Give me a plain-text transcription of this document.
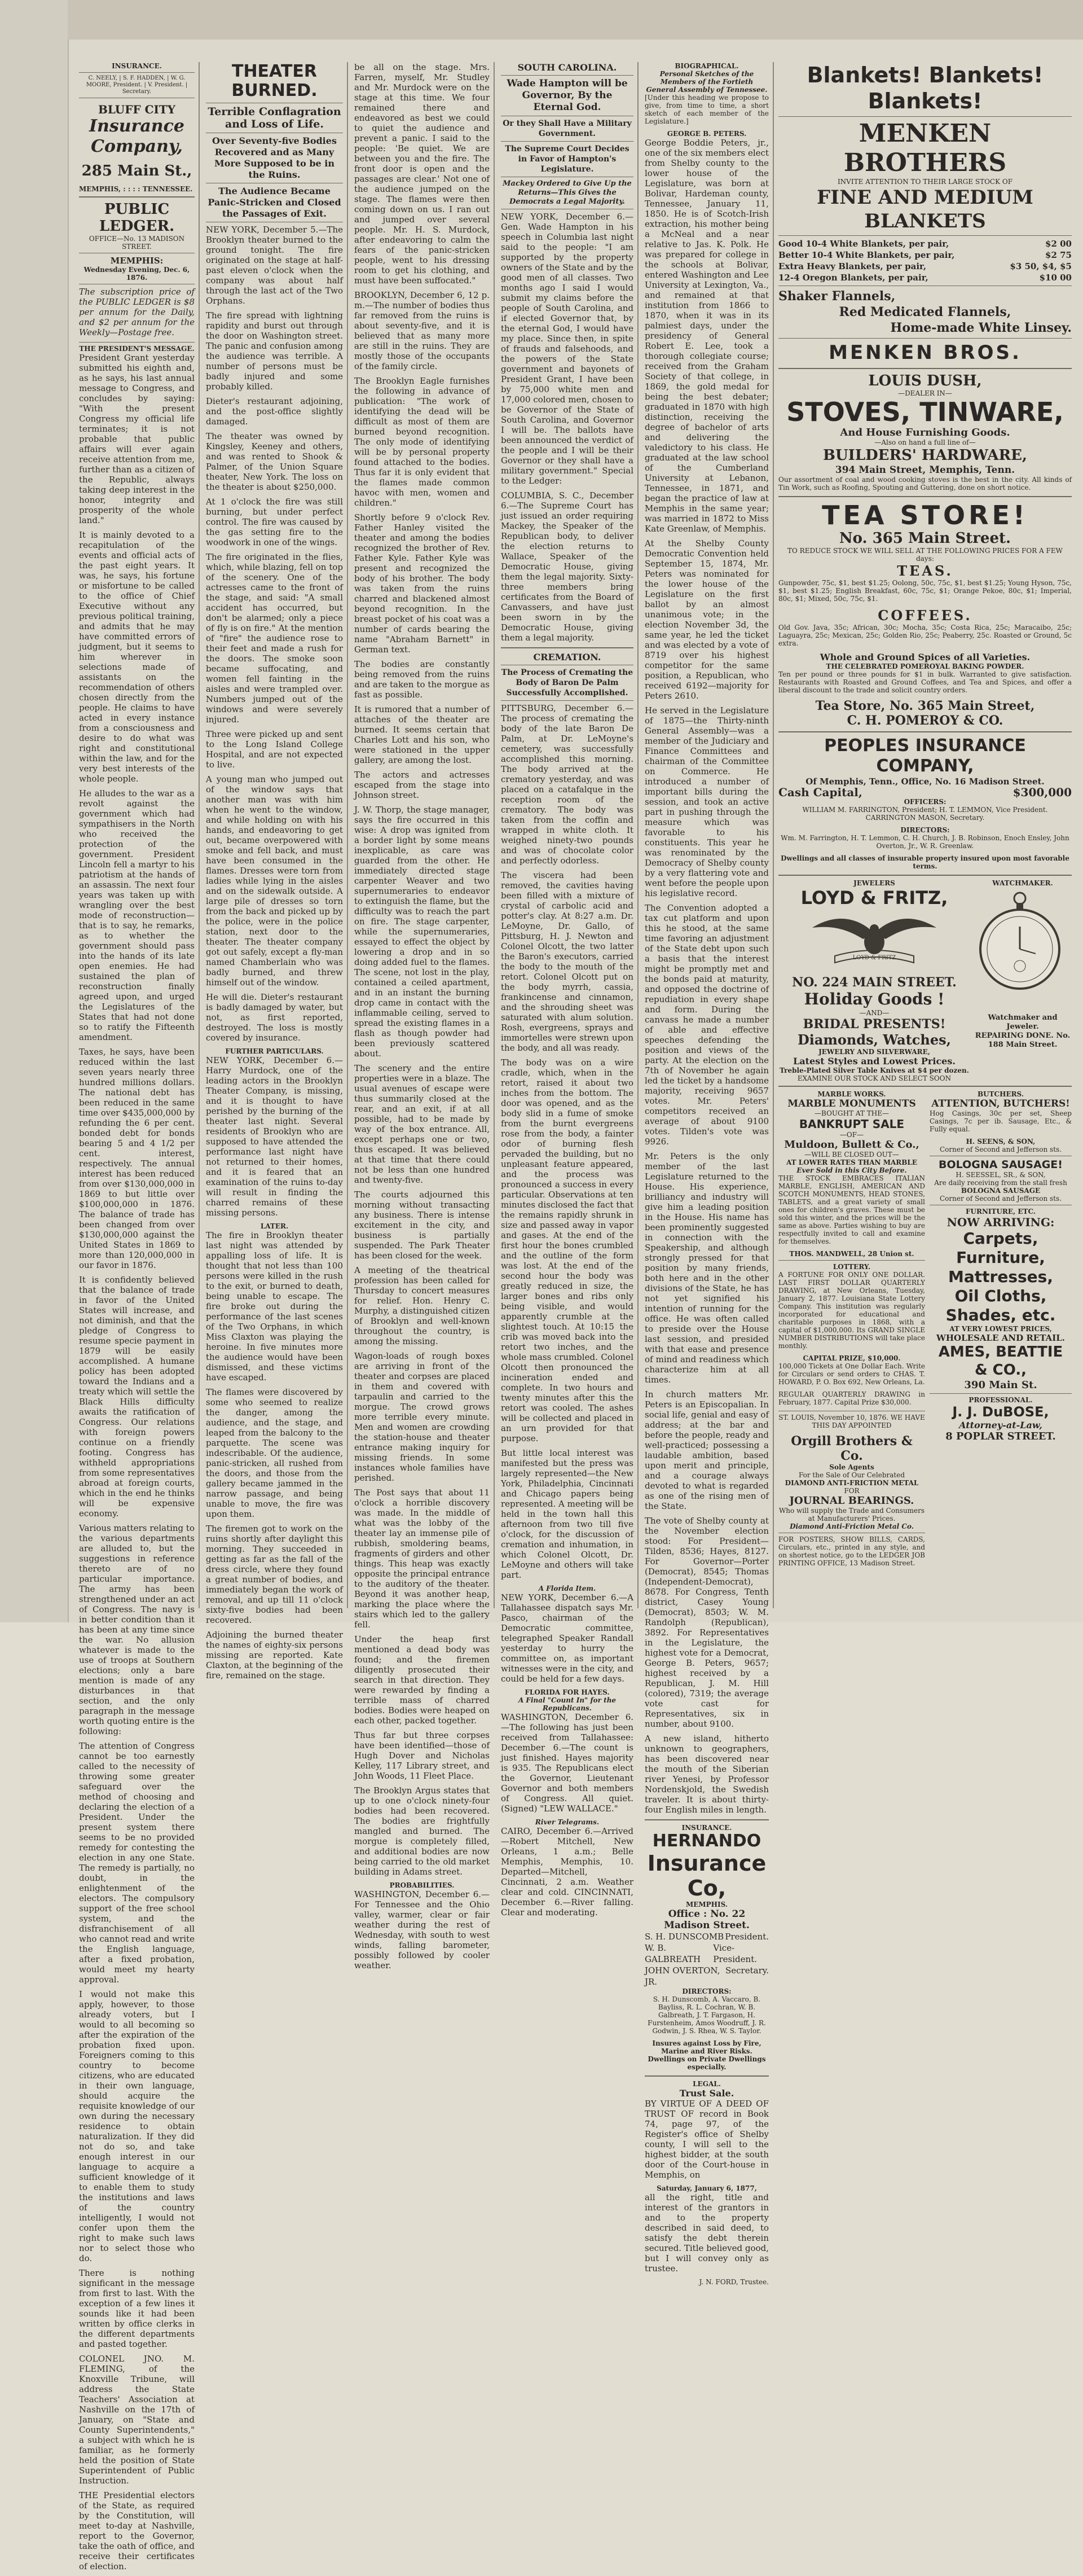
INSURANCE.
C. NEELY, | S. F. HADDEN, | W. G. MOORE, President. | V. President. | Secretary.
BLUFF CITY
Insurance Company,
285 Main St.,
MEMPHIS, : : : : TENNESSEE.
PUBLIC LEDGER.
OFFICE—No. 13 MADISON STREET.
MEMPHIS:
Wednesday Evening, Dec. 6, 1876.

The subscription price of the PUBLIC LEDGER is $8 per annum for the Daily, and $2 per annum for the Weekly—Postage free.

THE PRESIDENT'S MESSAGE.

President Grant yesterday submitted his eighth and, as he says, his last annual message to Congress, and concludes by saying: "With the present Congress my official life terminates; it is not probable that public affairs will ever again receive attention from me, further than as a citizen of the Republic, always taking deep interest in the honor, integrity and prosperity of the whole land."

It is mainly devoted to a recapitulation of the events and official acts of the past eight years. It was, he says, his fortune or misfortune to be called to the office of Chief Executive without any previous political training, and admits that he may have committed errors of judgment, but it seems to him wherever in selections made of assistants on the recommendation of others chosen directly from the people. He claims to have acted in every instance from a consciousness and desire to do what was right and constitutional within the law, and for the very best interests of the whole people.

He alludes to the war as a revolt against the government which had sympathisers in the North who received the protection of the government. President Lincoln fell a martyr to his patriotism at the hands of an assassin. The next four years was taken up with wrangling over the best mode of reconstruction—that is to say, he remarks, as to whether the government should pass into the hands of its late open enemies. He had sustained the plan of reconstruction finally agreed upon, and urged the Legislatures of the States that had not done so to ratify the Fifteenth amendment.

Taxes, he says, have been reduced within the last seven years nearly three hundred millions dollars. The national debt has been reduced in the same time over $435,000,000 by refunding the 6 per cent. bonded debt for bonds bearing 5 and 4 1/2 per cent. interest, respectively. The annual interest has been reduced from over $130,000,000 in 1869 to but little over $100,000,000 in 1876. The balance of trade has been changed from over $130,000,000 against the United States in 1869 to more than 120,000,000 in our favor in 1876.

It is confidently believed that the balance of trade in favor of the United States will increase, and not diminish, and that the pledge of Congress to resume specie payment in 1879 will be easily accomplished. A humane policy has been adopted toward the Indians and a treaty which will settle the Black Hills difficulty awaits the ratification of Congress. Our relations with foreign powers continue on a friendly footing. Congress has withheld appropriations from some representatives abroad at foreign courts, which in the end he thinks will be expensive economy.

Various matters relating to the various departments are alluded to, but the suggestions in reference thereto are of no particular importance. The army has been strengthened under an act of Congress. The navy is in better condition than it has been at any time since the war. No allusion whatever is made to the use of troops at Southern elections; only a bare mention is made of any disturbances in that section, and the only paragraph in the message worth quoting entire is the following:

The attention of Congress cannot be too earnestly called to the necessity of throwing some greater safeguard over the method of choosing and declaring the election of a President. Under the present system there seems to be no provided remedy for contesting the election in any one State. The remedy is partially, no doubt, in the enlightenment of the electors. The compulsory support of the free school system, and the disfranchisement of all who cannot read and write the English language, after a fixed probation, would meet my hearty approval.

I would not make this apply, however, to those already voters, but I would to all becoming so after the expiration of the probation fixed upon. Foreigners coming to this country to become citizens, who are educated in their own language, should acquire the requisite knowledge of our own during the necessary residence to obtain naturalization. If they did not do so, and take enough interest in our language to acquire a sufficient knowledge of it to enable them to study the institutions and laws of the country intelligently, I would not confer upon them the right to make such laws nor to select those who do.

There is nothing significant in the message from first to last. With the exception of a few lines it sounds like it had been written by office clerks in the different departments and pasted together.

COLONEL JNO. M. FLEMING, of the Knoxville Tribune, will address the State Teachers' Association at Nashville on the 17th of January, on "State and County Superintendents," a subject with which he is familiar, as he formerly held the position of State Superintendent of Public Instruction.

THE Presidential electors of the State, as required by the Constitution, will meet to-day at Nashville, report to the Governor, take the oath of office, and receive their certificates of election.

THEATER BURNED.
Terrible Conflagration and Loss of Life.
Over Seventy-five Bodies Recovered and as Many More Supposed to be in the Ruins.
The Audience Became Panic-Stricken and Closed the Passages of Exit.

NEW YORK, December 5.—The Brooklyn theater burned to the ground tonight. The fire originated on the stage at half-past eleven o'clock when the company was about half through the last act of the Two Orphans.

The fire spread with lightning rapidity and burst out through the door on Washington street. The panic and confusion among the audience was terrible. A number of persons must be badly injured and some probably killed.

Dieter's restaurant adjoining, and the post-office slightly damaged.

The theater was owned by Kingsley, Keeney and others, and was rented to Shook & Palmer, of the Union Square theater, New York. The loss on the theater is about $250,000.

At 1 o'clock the fire was still burning, but under perfect control. The fire was caused by the gas setting fire to the woodwork in one of the wings.

The fire originated in the flies, which, while blazing, fell on top of the scenery. One of the actresses came to the front of the stage, and said: "A small accident has occurred, but don't be alarmed; only a piece of fly is on fire." At the mention of "fire" the audience rose to their feet and made a rush for the doors. The smoke soon became suffocating, and women fell fainting in the aisles and were trampled over. Numbers jumped out of the windows and were severely injured.

Three were picked up and sent to the Long Island College Hospital, and are not expected to live.

A young man who jumped out of the window says that another man was with him when he went to the window, and while holding on with his hands, and endeavoring to get out, became overpowered with smoke and fell back, and must have been consumed in the flames. Dresses were torn from ladies while lying in the aisles and on the sidewalk outside. A large pile of dresses so torn from the back and picked up by the police, were in the police station, next door to the theater. The theater company got out safely, except a fly-man named Chamberlain who was badly burned, and threw himself out of the window.

He will die. Dieter's restaurant is badly damaged by water, but not, as first reported, destroyed. The loss is mostly covered by insurance.

FURTHER PARTICULARS.

NEW YORK, December 6.—Harry Murdock, one of the leading actors in the Brooklyn Theater Company, is missing, and it is thought to have perished by the burning of the theater last night. Several residents of Brooklyn who are supposed to have attended the performance last night have not returned to their homes, and it is feared that an examination of the ruins to-day will result in finding the charred remains of these missing persons.

LATER.

The fire in Brooklyn theater last night was attended by appalling loss of life. It is thought that not less than 100 persons were killed in the rush to the exit, or burned to death, being unable to escape. The fire broke out during the performance of the last scenes of the Two Orphans, in which Miss Claxton was playing the heroine. In five minutes more the audience would have been dismissed, and these victims have escaped.

The flames were discovered by some who seemed to realize the danger, among the audience, and the stage, and leaped from the balcony to the parquette. The scene was indescribable. Of the audience, panic-stricken, all rushed from the doors, and those from the gallery became jammed in the narrow passage, and being unable to move, the fire was upon them.

The firemen got to work on the ruins shortly after daylight this morning. They succeeded in getting as far as the fall of the dress circle, where they found a great number of bodies, and immediately began the work of removal, and up till 11 o'clock sixty-five bodies had been recovered.

Adjoining the burned theater the names of eighty-six persons missing are reported. Kate Claxton, at the beginning of the fire, remained on the stage.

be all on the stage. Mrs. Farren, myself, Mr. Studley and Mr. Murdock were on the stage at this time. We four remained there and endeavored as best we could to quiet the audience and prevent a panic. I said to the people: 'Be quiet. We are between you and the fire. The front door is open and the passages are clear.' Not one of the audience jumped on the stage. The flames were then coming down on us. I ran out and jumped over several people. Mr. H. S. Murdock, after endeavoring to calm the fears of the panic-stricken people, went to his dressing room to get his clothing, and must have been suffocated."

BROOKLYN, December 6, 12 p. m.—The number of bodies thus far removed from the ruins is about seventy-five, and it is believed that as many more are still in the ruins. They are mostly those of the occupants of the family circle.

The Brooklyn Eagle furnishes the following in advance of publication: "The work of identifying the dead will be difficult as most of them are burned beyond recognition. The only mode of identifying will be by personal property found attached to the bodies. Thus far it is only evident that the flames made common havoc with men, women and children."

Shortly before 9 o'clock Rev. Father Hanley visited the theater and among the bodies recognized the brother of Rev. Father Kyle. Father Kyle was present and recognized the body of his brother. The body was taken from the ruins charred and blackened almost beyond recognition. In the breast pocket of his coat was a number of cards bearing the name "Abraham Barnett" in German text.

The bodies are constantly being removed from the ruins and are taken to the morgue as fast as possible.

It is rumored that a number of attaches of the theater are burned. It seems certain that Charles Lott and his son, who were stationed in the upper gallery, are among the lost.

The actors and actresses escaped from the stage into Johnson street.

J. W. Thorp, the stage manager, says the fire occurred in this wise: A drop was ignited from a border light by some means inexplicable, as care was guarded from the other. He immediately directed stage carpenter Weaver and two supernumeraries to endeavor to extinguish the flame, but the difficulty was to reach the part on fire. The stage carpenter, while the supernumeraries, essayed to effect the object by lowering a drop and in so doing added fuel to the flames. The scene, not lost in the play, contained a ceiled apartment, and in an instant the burning drop came in contact with the inflammable ceiling, served to spread the existing flames in a flash as though powder had been previously scattered about.

The scenery and the entire properties were in a blaze. The usual avenues of escape were thus summarily closed at the rear, and an exit, if at all possible, had to be made by way of the box entrance. All, except perhaps one or two, thus escaped. It was believed at that time that there could not be less than one hundred and twenty-five.

The courts adjourned this morning without transacting any business. There is intense excitement in the city, and business is partially suspended. The Park Theater has been closed for the week.

A meeting of the theatrical profession has been called for Thursday to concert measures for relief. Hon. Henry C. Murphy, a distinguished citizen of Brooklyn and well-known throughout the country, is among the missing.

Wagon-loads of rough boxes are arriving in front of the theater and corpses are placed in them and covered with tarpaulin and carried to the morgue. The crowd grows more terrible every minute. Men and women are crowding the station-house and theater entrance making inquiry for missing friends. In some instances whole families have perished.

The Post says that about 11 o'clock a horrible discovery was made. In the middle of what was the lobby of the theater lay an immense pile of rubbish, smoldering beams, fragments of girders and other things. This heap was exactly opposite the principal entrance to the auditory of the theater. Beyond it was another heap, marking the place where the stairs which led to the gallery fell.

Under the heap first mentioned a dead body was found; and the firemen diligently prosecuted their search in that direction. They were rewarded by finding a terrible mass of charred bodies. Bodies were heaped on each other, packed together.

Thus far but three corpses have been identified—those of Hugh Dover and Nicholas Kelley, 117 Library street, and John Woods, 11 Fleet Place.

The Brooklyn Argus states that up to one o'clock ninety-four bodies had been recovered. The bodies are frightfully mangled and burned. The morgue is completely filled, and additional bodies are now being carried to the old market building in Adams street.

PROBABILITIES.

WASHINGTON, December 6.—For Tennessee and the Ohio valley, warmer, clear or fair weather during the rest of Wednesday, with south to west winds, falling barometer, possibly followed by cooler weather.

SOUTH CAROLINA.
Wade Hampton will be Governor, By the Eternal God.
Or they Shall Have a Military Government.
The Supreme Court Decides in Favor of Hampton's Legislature.
Mackey Ordered to Give Up the Returns—This Gives the Democrats a Legal Majority.

NEW YORK, December 6.—Gen. Wade Hampton in his speech in Columbia last night said to the people: "I am supported by the property owners of the State and by the good men of all classes. Two months ago I said I would submit my claims before the people of South Carolina, and if elected Governor that, by the eternal God, I would have my place. Since then, in spite of frauds and falsehoods, and the powers of the State government and bayonets of President Grant, I have been by 75,000 white men and 17,000 colored men, chosen to be Governor of the State of South Carolina, and Governor I will be. The ballots have been announced the verdict of the people and I will be their Governor or they shall have a military government." Special to the Ledger:

COLUMBIA, S. C., December 6.—The Supreme Court has just issued an order requiring Mackey, the Speaker of the Republican body, to deliver the election returns to Wallace, Speaker of the Democratic House, giving them the legal majority. Sixty-three members bring certificates from the Board of Canvassers, and have just been sworn in by the Democratic House, giving them a legal majority.

CREMATION.
The Process of Cremating the Body of Baron De Palm Successfully Accomplished.

PITTSBURG, December 6.—The process of cremating the body of the late Baron De Palm, at Dr. LeMoyne's cemetery, was successfully accomplished this morning. The body arrived at the crematory yesterday, and was placed on a catafalque in the reception room of the crematory. The body was taken from the coffin and wrapped in white cloth. It weighed ninety-two pounds and was of chocolate color and perfectly odorless.

The viscera had been removed, the cavities having been filled with a mixture of crystal of carbolic acid and potter's clay. At 8:27 a.m. Dr. LeMoyne, Dr. Gallo, of Pittsburg, H. J. Newton and Colonel Olcott, the two latter the Baron's executors, carried the body to the mouth of the retort. Colonel Olcott put on the body myrrh, cassia, frankincense and cinnamon, and the shrouding sheet was saturated with alum solution. Rosh, evergreens, sprays and immortelles were strewn upon the body, and all was ready.

The body was on a wire cradle, which, when in the retort, raised it about two inches from the bottom. The door was opened, and as the body slid in a fume of smoke from the burnt evergreens rose from the body, a fainter odor of burning flesh pervaded the building, but no unpleasant feature appeared, and the process was pronounced a success in every particular. Observations at ten minutes disclosed the fact that the remains rapidly shrunk in size and passed away in vapor and gases. At the end of the first hour the bones crumbled and the outline of the form was lost. At the end of the second hour the body was greatly reduced in size, the larger bones and ribs only being visible, and would apparently crumble at the slightest touch. At 10:15 the crib was moved back into the retort two inches, and the whole mass crumbled. Colonel Olcott then pronounced the incineration ended and complete. In two hours and twenty minutes after this the retort was cooled. The ashes will be collected and placed in an urn provided for that purpose.

But little local interest was manifested but the press was largely represented—the New York, Philadelphia, Cincinnati and Chicago papers being represented. A meeting will be held in the town hall this afternoon from two till five o'clock, for the discussion of cremation and inhumation, in which Colonel Olcott, Dr. LeMoyne and others will take part.

A Florida Item.

NEW YORK, December 6.—A Tallahassee dispatch says Mr. Pasco, chairman of the Democratic committee, telegraphed Speaker Randall yesterday to hurry the committee on, as important witnesses were in the city, and could be held for a few days.

FLORIDA FOR HAYES.
A Final "Count In" for the Republicans.

WASHINGTON, December 6.—The following has just been received from Tallahassee: December 6.—The count is just finished. Hayes majority is 935. The Republicans elect the Governor, Lieutenant Governor and both members of Congress. All quiet. (Signed) "LEW WALLACE."

River Telegrams.

CAIRO, December 6.—Arrived—Robert Mitchell, New Orleans, 1 a.m.; Belle Memphis, Memphis, 10. Departed—Mitchell, Cincinnati, 2 a.m. Weather clear and cold. CINCINNATI, December 6.—River falling. Clear and moderating.

BIOGRAPHICAL.
Personal Sketches of the Members of the Fortieth General Assembly of Tennessee.

[Under this heading we propose to give, from time to time, a short sketch of each member of the Legislature.]

GEORGE B. PETERS.

George Boddie Peters, jr., one of the six members elect from Shelby county to the lower house of the Legislature, was born at Bolivar, Hardeman county, Tennessee, January 11, 1850. He is of Scotch-Irish extraction, his mother being a McNeal and a near relative to Jas. K. Polk. He was prepared for college in the schools at Bolivar, entered Washington and Lee University at Lexington, Va., and remained at that institution from 1866 to 1870, when it was in its palmiest days, under the presidency of General Robert E. Lee, took a thorough collegiate course; received from the Graham Society of that college, in 1869, the gold medal for being the best debater; graduated in 1870 with high distinction, receiving the degree of bachelor of arts and delivering the valedictory to his class. He graduated at the law school of the Cumberland University at Lebanon, Tennessee, in 1871, and began the practice of law at Memphis in the same year; was married in 1872 to Miss Kate Greenlaw, of Memphis.

At the Shelby County Democratic Convention held September 15, 1874, Mr. Peters was nominated for the lower house of the Legislature on the first ballot by an almost unanimous vote; in the election November 3d, the same year, he led the ticket and was elected by a vote of 8719 over his highest competitor for the same position, a Republican, who received 6192—majority for Peters 2610.

He served in the Legislature of 1875—the Thirty-ninth General Assembly—was a member of the Judiciary and Finance Committees and chairman of the Committee on Commerce. He introduced a number of important bills during the session, and took an active part in pushing through the measure which was favorable to his constituents. This year he was renominated by the Democracy of Shelby county by a very flattering vote and went before the people upon his legislative record.

The Convention adopted a tax cut platform and upon this he stood, at the same time favoring an adjustment of the State debt upon such a basis that the interest might be promptly met and the bonds paid at maturity, and opposed the doctrine of repudiation in every shape and form. During the canvass he made a number of able and effective speeches defending the position and views of the party. At the election on the 7th of November he again led the ticket by a handsome majority, receiving 9657 votes. Mr. Peters' competitors received an average of about 9100 votes. Tilden's vote was 9926.

Mr. Peters is the only member of the last Legislature returned to the House. His experience, brilliancy and industry will give him a leading position in the House. His name has been prominently suggested in connection with the Speakership, and although strongly pressed for that position by many friends, both here and in the other divisions of the State, he has not yet signified his intention of running for the office. He was often called to preside over the House last session, and presided with that ease and presence of mind and readiness which characterize him at all times.

In church matters Mr. Peters is an Episcopalian. In social life, genial and easy of address; at the bar and before the people, ready and well-practiced; possessing a laudable ambition, based upon merit and principle, and a courage always devoted to what is regarded as one of the rising men of the State.

The vote of Shelby county at the November election stood: For President—Tilden, 8536; Hayes, 8127. For Governor—Porter (Democrat), 8545; Thomas (Independent-Democrat), 8678. For Congress, Tenth district, Casey Young (Democrat), 8503; W. M. Randolph (Republican), 3892. For Representatives in the Legislature, the highest vote for a Democrat, George B. Peters, 9657; highest received by a Republican, J. M. Hill (colored), 7319; the average vote cast for Representatives, six in number, about 9100.

A new island, hitherto unknown to geographers, has been discovered near the mouth of the Siberian river Yenesi, by Professor Nordenskjold, the Swedish traveler. It is about thirty-four English miles in length.

INSURANCE.
HERNANDO
Insurance Co,
MEMPHIS.
Office : No. 22 Madison Street.
S. H. DUNSCOMB President.
W. B. GALBREATH
Vice-President.
JOHN OVERTON, JR.
Secretary.
DIRECTORS:

S. H. Dunscomb, A. Vaccaro, B. Bayliss, R. L. Cochran, W. B. Galbreath, J. T. Fargason, H. Furstenheim, Amos Woodruff, J. R. Godwin, J. S. Rhea, W. S. Taylor.

Insures against Loss by Fire, Marine and River Risks. Dwellings on Private Dwellings especially.

LEGAL.
Trust Sale.

BY VIRTUE OF A DEED OF TRUST OF record in Book 74, page 97, of the Register's office of Shelby county, I will sell to the highest bidder, at the south door of the Court-house in Memphis, on

Saturday, January 6, 1877,

all the right, title and interest of the grantors in and to the property described in said deed, to satisfy the debt therein secured. Title believed good, but I will convey only as trustee.

J. N. FORD, Trustee.

Blankets! Blankets! Blankets!
MENKEN BROTHERS
INVITE ATTENTION TO THEIR LARGE STOCK OF
FINE AND MEDIUM BLANKETS
Good 10-4 White Blankets, per pair,	$2 00
Better 10-4 White Blankets, per pair,	$2 75
Extra Heavy Blankets, per pair,	$3 50, $4, $5
12-4 Oregon Blankets, per pair,	$10 00
Shaker Flannels,
Red Medicated Flannels,
Home-made White Linsey.
MENKEN BROS.
LOUIS DUSH,
—DEALER IN—
STOVES, TINWARE,
And House Furnishing Goods.
—Also on hand a full line of—
BUILDERS' HARDWARE,
394 Main Street, Memphis, Tenn.

Our assortment of coal and wood cooking stoves is the best in the city. All kinds of Tin Work, such as Roofing, Spouting and Guttering, done on short notice.

TEA STORE!
No. 365 Main Street.
TO REDUCE STOCK WE WILL SELL AT THE FOLLOWING PRICES FOR A FEW days:
TEAS.

Gunpowder, 75c, $1, best $1.25; Oolong, 50c, 75c, $1, best $1.25; Young Hyson, 75c, $1, best $1.25; English Breakfast, 60c, 75c, $1; Orange Pekoe, 80c, $1; Imperial, 80c, $1; Mixed, 50c, 75c, $1.

COFFEES.

Old Gov. Java, 35c; African, 30c; Mocha, 35c; Costa Rica, 25c; Maracaibo, 25c; Laguayra, 25c; Mexican, 25c; Golden Rio, 25c; Peaberry, 25c. Roasted or Ground, 5c extra.

Whole and Ground Spices of all Varieties.
THE CELEBRATED POMEROYAL BAKING POWDER.

Ten per pound or three pounds for $1 in bulk. Warranted to give satisfaction. Restaurants with Roasted and Ground Coffees, and Tea and Spices, and offer a liberal discount to the trade and solicit country orders.

Tea Store, No. 365 Main Street,
C. H. POMEROY & CO.
PEOPLES INSURANCE COMPANY,
Of Memphis, Tenn., Office, No. 16 Madison Street.
Cash Capital,	$300,000
OFFICERS:

WILLIAM M. FARRINGTON, President; H. T. LEMMON, Vice President. CARRINGTON MASON, Secretary.

DIRECTORS:

Wm. M. Farrington, H. T. Lemmon, C. H. Church, J. B. Robinson, Enoch Ensley, John Overton, Jr., W. R. Greenlaw.

Dwellings and all classes of insurable property insured upon most favorable terms.

JEWELERS
LOYD & FRITZ,
LOYD & FRITZ
NO. 224 MAIN STREET.
Holiday Goods !
—AND—
BRIDAL PRESENTS!
Diamonds, Watches,
JEWELRY AND SILVERWARE,
Latest Styles and Lowest Prices.
Treble-Plated Silver Table Knives at $4 per dozen.
EXAMINE OUR STOCK AND SELECT SOON
WATCHMAKER.
Watchmaker and Jeweler.
REPAIRING DONE. No. 188 Main Street.
MARBLE WORKS.
MARBLE MONUMENTS
—BOUGHT AT THE—
BANKRUPT SALE
—OF—
Muldoon, Bullett & Co.,
—WILL BE CLOSED OUT—
AT LOWER RATES THAN MARBLE
Ever Sold in this City Before.

THE STOCK EMBRACES ITALIAN MARBLE, ENGLISH, AMERICAN AND SCOTCH MONUMENTS, HEAD STONES, TABLETS, and a great variety of small ones for children's graves. These must be sold this winter, and the prices will be the same as above. Parties wishing to buy are respectfully invited to call and examine for themselves.

THOS. MANDWELL, 28 Union st.
LOTTERY.

A FORTUNE FOR ONLY ONE DOLLAR. LAST FIRST DOLLAR QUARTERLY DRAWING, at New Orleans, Tuesday, January 2, 1877. Louisiana State Lottery Company. This institution was regularly incorporated for educational and charitable purposes in 1868, with a capital of $1,000,000. Its GRAND SINGLE NUMBER DISTRIBUTIONS will take place monthly.

CAPITAL PRIZE, $10,000.

100,000 Tickets at One Dollar Each. Write for Circulars or send orders to CHAS. T. HOWARD, P. O. Box 692, New Orleans, La.

REGULAR QUARTERLY DRAWING in February, 1877. Capital Prize $30,000.

ST. LOUIS, November 10, 1876. WE HAVE THIS DAY APPOINTED

Orgill Brothers & Co.
Sole Agents
For the Sale of Our Celebrated
DIAMOND ANTI-FRICTION METAL
FOR
JOURNAL BEARINGS.
Who will supply the Trade and Consumers at Manufacturers' Prices.
Diamond Anti-Friction Metal Co.

FOR POSTERS, SHOW BILLS, CARDS, Circulars, etc., printed in any style, and on shortest notice, go to the LEDGER JOB PRINTING OFFICE, 13 Madison Street.

BUTCHERS.
ATTENTION, BUTCHERS!

Hog Casings, 30c per set, Sheep Casings, 7c per ib. Sausage, Etc., & Fully equal.

H. SEENS, & SON,
Corner of Second and Jefferson sts.
BOLOGNA SAUSAGE!
H. SEESSEL, SR., & SON,
Are daily receiving from the stall fresh
BOLOGNA SAUSAGE
Corner of Second and Jefferson sts.
FURNITURE, ETC.
NOW ARRIVING:
Carpets,
Furniture,
Mattresses,
Oil Cloths,
Shades, etc.
AT VERY LOWEST PRICES,
WHOLESALE AND RETAIL.
AMES, BEATTIE & CO.,
390 Main St.
PROFESSIONAL.
J. J. DuBOSE,
Attorney-at-Law,
8 POPLAR STREET.
